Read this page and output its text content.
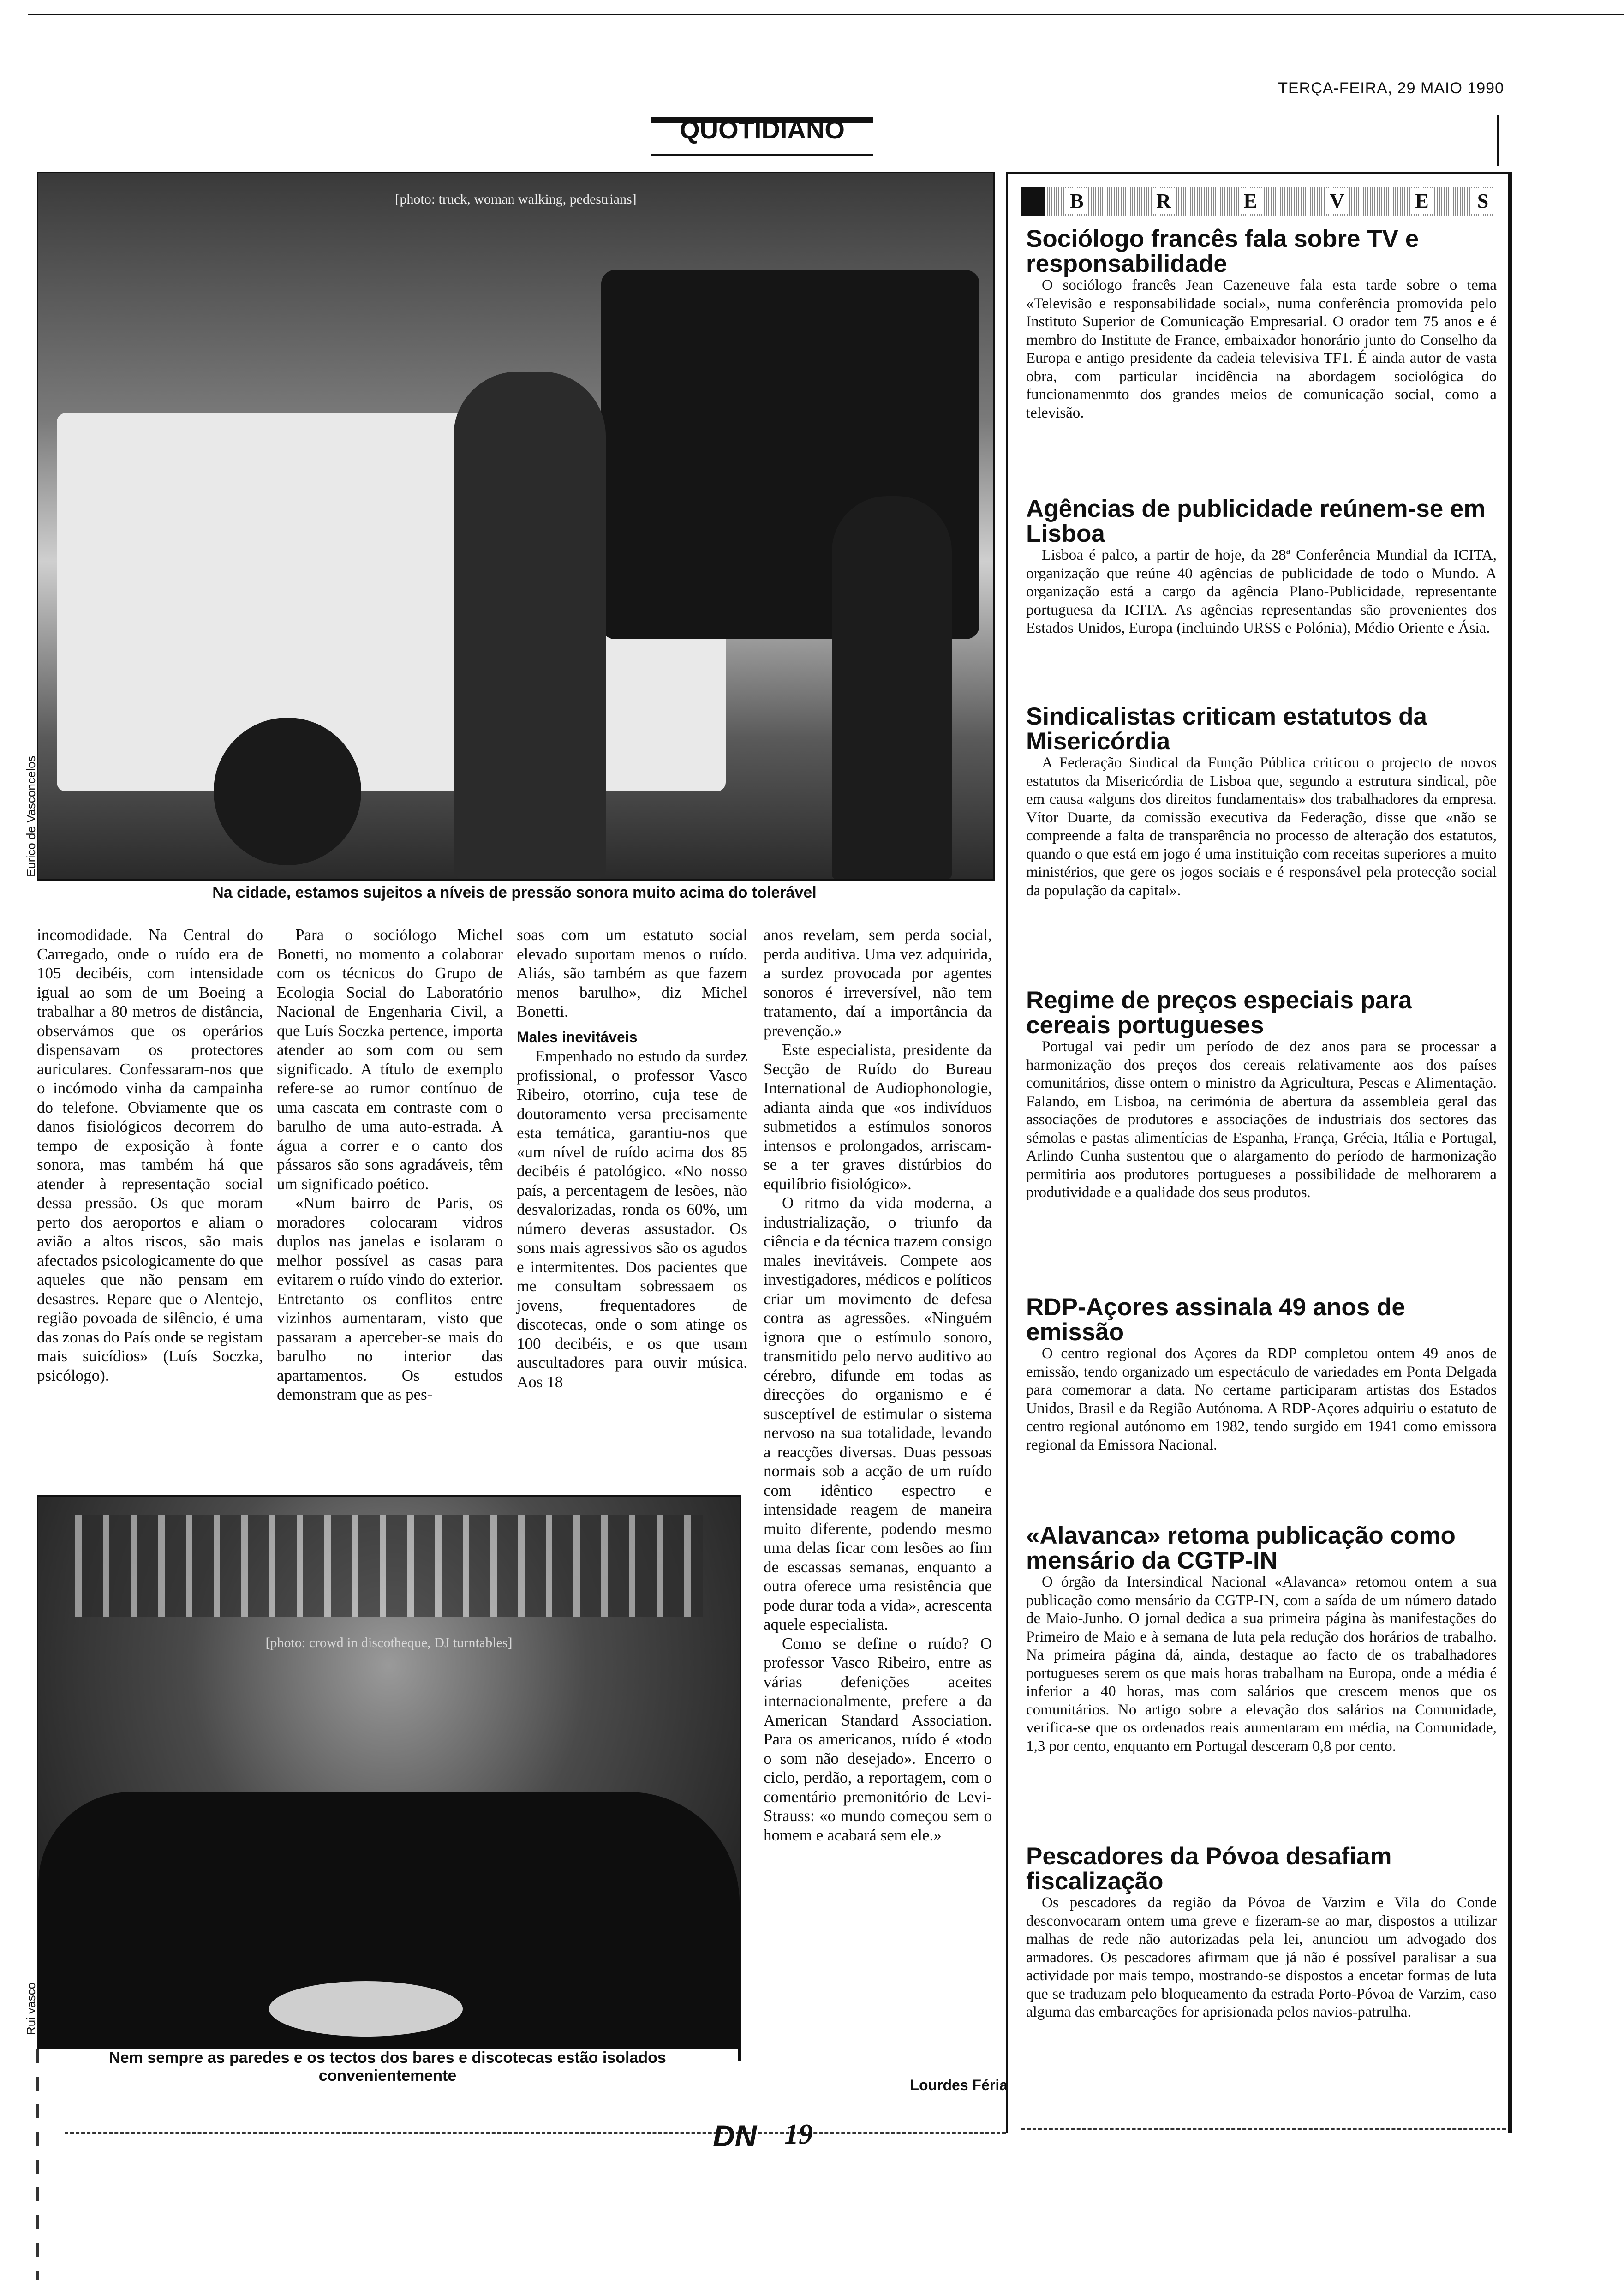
TERÇA-FEIRA, 29 MAIO 1990
QUOTIDIANO
[photo: truck, woman walking, pedestrians]
Eurico de Vasconcelos
Na cidade, estamos sujeitos a níveis de pressão sonora muito acima do tolerável

incomodidade. Na Central do Carregado, onde o ruído era de 105 decibéis, com intensidade igual ao som de um Boeing a trabalhar a 80 metros de distância, observámos que os operários dispensavam os protectores auriculares. Confessaram-nos que o incómodo vinha da campainha do telefone. Obviamente que os danos fisiológicos decorrem do tempo de exposição à fonte sonora, mas também há que atender à representação social dessa pressão. Os que moram perto dos aeroportos e aliam o avião a altos riscos, são mais afectados psicologicamente do que aqueles que não pensam em desastres. Repare que o Alentejo, região povoada de silêncio, é uma das zonas do País onde se registam mais suicídios» (Luís Soczka, psicólogo).

Para o sociólogo Michel Bonetti, no momento a colaborar com os técnicos do Grupo de Ecologia Social do Laboratório Nacional de Engenharia Civil, a que Luís Soczka pertence, importa atender ao som com ou sem significado. A título de exemplo refere-se ao rumor contínuo de uma cascata em contraste com o barulho de uma auto-estrada. A água a correr e o canto dos pássaros são sons agradáveis, têm um significado poético.

«Num bairro de Paris, os moradores colocaram vidros duplos nas janelas e isolaram o melhor possível as casas para evitarem o ruído vindo do exterior. Entretanto os conflitos entre vizinhos aumentaram, visto que passaram a aperceber-se mais do barulho no interior das apartamentos. Os estudos demonstram que as pes-

soas com um estatuto social elevado suportam menos o ruído. Aliás, são também as que fazem menos barulho», diz Michel Bonetti.

Males inevitáveis

Empenhado no estudo da surdez profissional, o professor Vasco Ribeiro, otorrino, cuja tese de doutoramento versa precisamente esta temática, garantiu-nos que «um nível de ruído acima dos 85 decibéis é patológico. «No nosso país, a percentagem de lesões, não desvalorizadas, ronda os 60%, um número deveras assustador. Os sons mais agressivos são os agudos e intermitentes. Dos pacientes que me consultam sobressaem os jovens, frequentadores de discotecas, onde o som atinge os 100 decibéis, e os que usam auscultadores para ouvir música. Aos 18

anos revelam, sem perda social, perda auditiva. Uma vez adquirida, a surdez provocada por agentes sonoros é irreversível, não tem tratamento, daí a importância da prevenção.»

Este especialista, presidente da Secção de Ruído do Bureau International de Audiophonologie, adianta ainda que «os indivíduos submetidos a estímulos sonoros intensos e prolongados, arriscam-se a ter graves distúrbios do equilíbrio fisiológico».

O ritmo da vida moderna, a industrialização, o triunfo da ciência e da técnica trazem consigo males inevitáveis. Compete aos investigadores, médicos e políticos criar um movimento de defesa contra as agressões. «Ninguém ignora que o estímulo sonoro, transmitido pelo nervo auditivo ao cérebro, difunde em todas as direcções do organismo e é susceptível de estimular o sistema nervoso na sua totalidade, levando a reacções diversas. Duas pessoas normais sob a acção de um ruído com idêntico espectro e intensidade reagem de maneira muito diferente, podendo mesmo uma delas ficar com lesões ao fim de escassas semanas, enquanto a outra oferece uma resistência que pode durar toda a vida», acrescenta aquele especialista.

Como se define o ruído? O professor Vasco Ribeiro, entre as várias defenições aceites internacionalmente, prefere a da American Standard Association. Para os americanos, ruído é «todo o som não desejado». Encerro o ciclo, perdão, a reportagem, com o comentário premonitório de Levi-Strauss: «o mundo começou sem o homem e acabará sem ele.»

Lourdes Féria
[photo: crowd in discotheque, DJ turntables]
Rui vasco
Nem sempre as paredes e os tectos dos bares e discotecas estão isolados
convenientemente
B	R	E	V	E S
Sociólogo francês fala sobre TV e responsabilidade

O sociólogo francês Jean Cazeneuve fala esta tarde sobre o tema «Televisão e responsabilidade social», numa conferência promovida pelo Instituto Superior de Comunicação Empresarial. O orador tem 75 anos e é membro do Institute de France, embaixador honorário junto do Conselho da Europa e antigo presidente da cadeia televisiva TF1. É ainda autor de vasta obra, com particular incidência na abordagem sociológica do funcionamenmto dos grandes meios de comunicação social, como a televisão.

Agências de publicidade reúnem-se em Lisboa

Lisboa é palco, a partir de hoje, da 28ª Conferência Mundial da ICITA, organização que reúne 40 agências de publicidade de todo o Mundo. A organização está a cargo da agência Plano-Publicidade, representante portuguesa da ICITA. As agências representandas são provenientes dos Estados Unidos, Europa (incluindo URSS e Polónia), Médio Oriente e Ásia.

Sindicalistas criticam estatutos da Misericórdia

A Federação Sindical da Função Pública criticou o projecto de novos estatutos da Misericórdia de Lisboa que, segundo a estrutura sindical, põe em causa «alguns dos direitos fundamentais» dos trabalhadores da empresa. Vítor Duarte, da comissão executiva da Federação, disse que «não se compreende a falta de transparência no processo de alteração dos estatutos, quando o que está em jogo é uma instituição com receitas superiores a muito ministérios, que gere os jogos sociais e é responsável pela protecção social da população da capital».

Regime de preços especiais para cereais portugueses

Portugal vai pedir um período de dez anos para se processar a harmonização dos preços dos cereais relativamente aos dos países comunitários, disse ontem o ministro da Agricultura, Pescas e Alimentação. Falando, em Lisboa, na cerimónia de abertura da assembleia geral das associações de produtores e associações de industriais dos sectores das sémolas e pastas alimentícias de Espanha, França, Grécia, Itália e Portugal, Arlindo Cunha sustentou que o alargamento do período de harmonização permitiria aos produtores portugueses a possibilidade de melhorarem a produtividade e a qualidade dos seus produtos.

RDP-Açores assinala 49 anos de emissão

O centro regional dos Açores da RDP completou ontem 49 anos de emissão, tendo organizado um espectáculo de variedades em Ponta Delgada para comemorar a data. No certame participaram artistas dos Estados Unidos, Brasil e da Região Autónoma. A RDP-Açores adquiriu o estatuto de centro regional autónomo em 1982, tendo surgido em 1941 como emissora regional da Emissora Nacional.

«Alavanca» retoma publicação como mensário da CGTP-IN

O órgão da Intersindical Nacional «Alavanca» retomou ontem a sua publicação como mensário da CGTP-IN, com a saída de um número datado de Maio-Junho. O jornal dedica a sua primeira página às manifestações do Primeiro de Maio e à semana de luta pela redução dos horários de trabalho. Na primeira página dá, ainda, destaque ao facto de os trabalhadores portugueses serem os que mais horas trabalham na Europa, onde a média é inferior a 40 horas, mas com salários que crescem menos que os comunitários. No artigo sobre a elevação dos salários na Comunidade, verifica-se que os ordenados reais aumentaram em média, na Comunidade, 1,3 por cento, enquanto em Portugal desceram 0,8 por cento.

Pescadores da Póvoa desafiam fiscalização

Os pescadores da região da Póvoa de Varzim e Vila do Conde desconvocaram ontem uma greve e fizeram-se ao mar, dispostos a utilizar malhas de rede não autorizadas pela lei, anunciou um advogado dos armadores. Os pescadores afirmam que já não é possível paralisar a sua actividade por mais tempo, mostrando-se dispostos a encetar formas de luta que se traduzam pelo bloqueamento da estrada Porto-Póvoa de Varzim, caso alguma das embarcações for aprisionada pelos navios-patrulha.

DN 19
